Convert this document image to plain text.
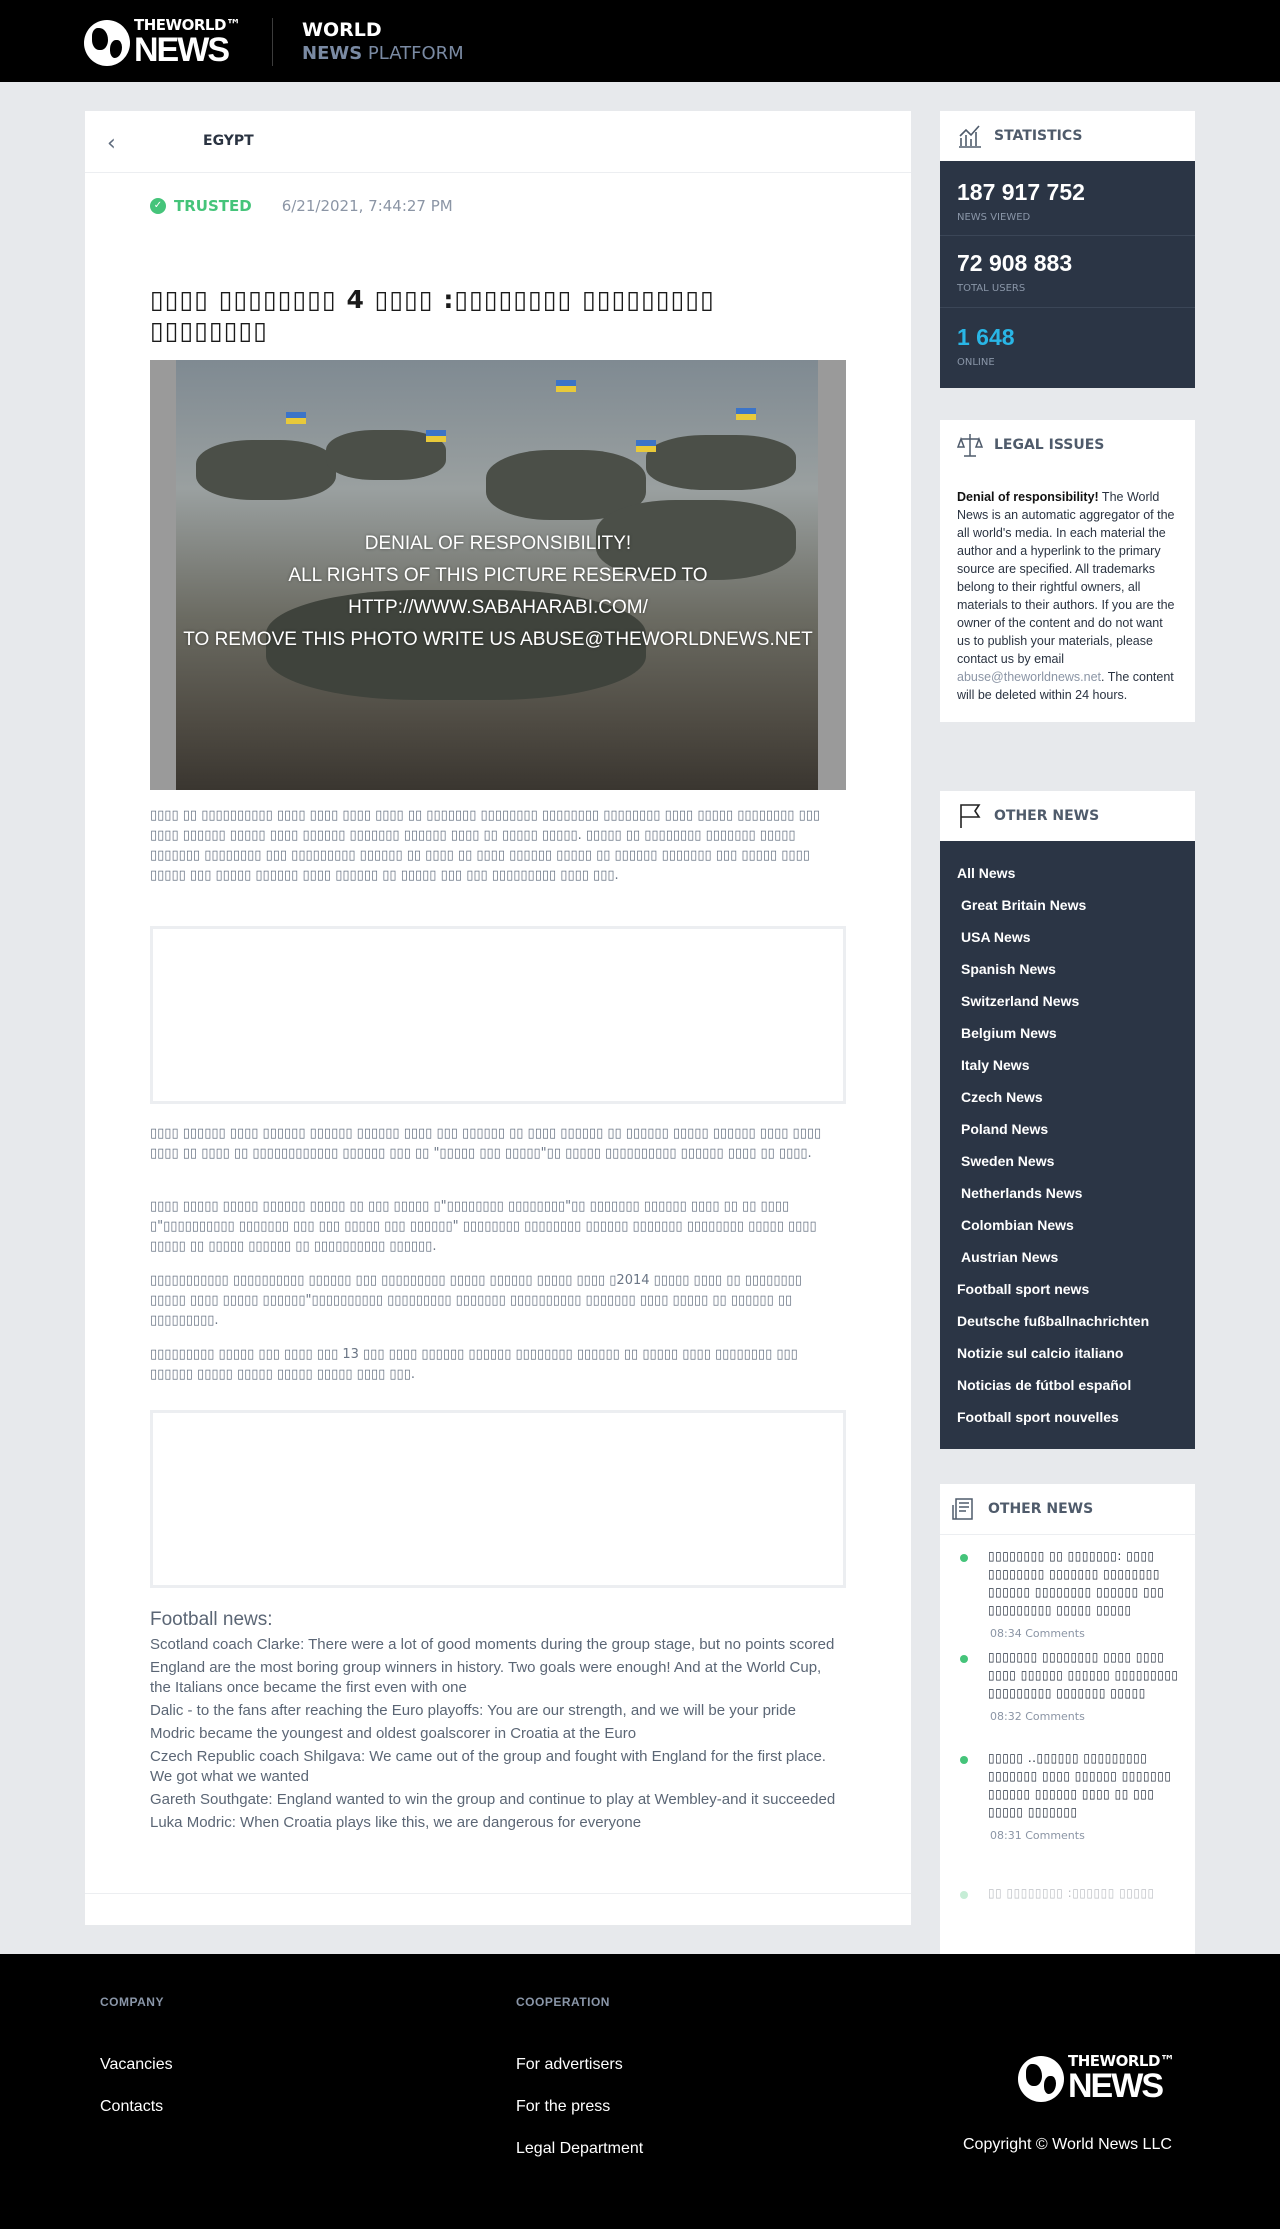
THEWORLD™
NEWS
WORLD
NEWS PLATFORM
‹	EGYPT
✓ TRUSTED 6/21/2021, 7:44:27 PM
▯▯▯▯ ▯▯▯▯▯▯▯▯ 4 ▯▯▯▯ :▯▯▯▯▯▯▯▯ ▯▯▯▯▯▯▯▯▯ ▯▯▯▯▯▯▯▯
DENIAL OF RESPONSIBILITY!
ALL RIGHTS OF THIS PICTURE RESERVED TO HTTP://WWW.SABAHARABI.COM/
TO REMOVE THIS PHOTO WRITE US ABUSE@THEWORLDNEWS.NET

▯▯▯▯ ▯▯ ▯▯▯▯▯▯▯▯▯▯ ▯▯▯▯ ▯▯▯▯ ▯▯▯▯ ▯▯▯▯ ▯▯ ▯▯▯▯▯▯▯ ▯▯▯▯▯▯▯▯ ▯▯▯▯▯▯▯▯ ▯▯▯▯▯▯▯▯ ▯▯▯▯ ▯▯▯▯▯ ▯▯▯▯▯▯▯▯ ▯▯▯ ▯▯▯▯ ▯▯▯▯▯▯ ▯▯▯▯▯ ▯▯▯▯ ▯▯▯▯▯▯ ▯▯▯▯▯▯▯ ▯▯▯▯▯▯ ▯▯▯▯ ▯▯ ▯▯▯▯▯ ▯▯▯▯▯. ▯▯▯▯▯ ▯▯ ▯▯▯▯▯▯▯▯ ▯▯▯▯▯▯▯ ▯▯▯▯▯ ▯▯▯▯▯▯▯ ▯▯▯▯▯▯▯▯ ▯▯▯ ▯▯▯▯▯▯▯▯▯ ▯▯▯▯▯▯ ▯▯ ▯▯▯▯ ▯▯ ▯▯▯▯ ▯▯▯▯▯▯ ▯▯▯▯▯ ▯▯ ▯▯▯▯▯▯ ▯▯▯▯▯▯▯ ▯▯▯ ▯▯▯▯▯ ▯▯▯▯ ▯▯▯▯▯ ▯▯▯ ▯▯▯▯▯ ▯▯▯▯▯▯ ▯▯▯▯ ▯▯▯▯▯▯ ▯▯ ▯▯▯▯▯ ▯▯▯ ▯▯▯ ▯▯▯▯▯▯▯▯▯ ▯▯▯▯ ▯▯▯.

▯▯▯▯ ▯▯▯▯▯▯ ▯▯▯▯ ▯▯▯▯▯▯ ▯▯▯▯▯▯ ▯▯▯▯▯▯ ▯▯▯▯ ▯▯▯ ▯▯▯▯▯▯ ▯▯ ▯▯▯▯ ▯▯▯▯▯▯ ▯▯ ▯▯▯▯▯▯ ▯▯▯▯▯ ▯▯▯▯▯▯ ▯▯▯▯ ▯▯▯▯ ▯▯▯▯ ▯▯ ▯▯▯▯ ▯▯ ▯▯▯▯▯▯▯▯▯▯▯▯ ▯▯▯▯▯▯ ▯▯▯ ▯▯ "▯▯▯▯▯ ▯▯▯ ▯▯▯▯▯"▯▯ ▯▯▯▯▯ ▯▯▯▯▯▯▯▯▯▯ ▯▯▯▯▯▯ ▯▯▯▯ ▯▯ ▯▯▯▯.

▯▯▯▯ ▯▯▯▯▯ ▯▯▯▯▯ ▯▯▯▯▯▯ ▯▯▯▯▯ ▯▯ ▯▯▯ ▯▯▯▯▯ ▯"▯▯▯▯▯▯▯▯ ▯▯▯▯▯▯▯▯"▯▯ ▯▯▯▯▯▯▯ ▯▯▯▯▯▯ ▯▯▯▯ ▯▯ ▯▯ ▯▯▯▯ ▯"▯▯▯▯▯▯▯▯▯▯ ▯▯▯▯▯▯▯ ▯▯▯ ▯▯▯ ▯▯▯▯▯ ▯▯▯ ▯▯▯▯▯▯" ▯▯▯▯▯▯▯▯ ▯▯▯▯▯▯▯▯ ▯▯▯▯▯▯ ▯▯▯▯▯▯▯ ▯▯▯▯▯▯▯▯ ▯▯▯▯▯ ▯▯▯▯ ▯▯▯▯▯ ▯▯ ▯▯▯▯▯ ▯▯▯▯▯▯ ▯▯ ▯▯▯▯▯▯▯▯▯▯ ▯▯▯▯▯▯.

▯▯▯▯▯▯▯▯▯▯▯ ▯▯▯▯▯▯▯▯▯▯ ▯▯▯▯▯▯ ▯▯▯ ▯▯▯▯▯▯▯▯▯ ▯▯▯▯▯ ▯▯▯▯▯▯ ▯▯▯▯▯ ▯▯▯▯ ▯2014 ▯▯▯▯▯ ▯▯▯▯ ▯▯ ▯▯▯▯▯▯▯▯ ▯▯▯▯▯ ▯▯▯▯ ▯▯▯▯▯ ▯▯▯▯▯▯"▯▯▯▯▯▯▯▯▯▯ ▯▯▯▯▯▯▯▯▯ ▯▯▯▯▯▯▯ ▯▯▯▯▯▯▯▯▯▯ ▯▯▯▯▯▯▯ ▯▯▯▯ ▯▯▯▯▯ ▯▯ ▯▯▯▯▯▯ ▯▯ ▯▯▯▯▯▯▯▯▯.

▯▯▯▯▯▯▯▯▯ ▯▯▯▯▯ ▯▯▯ ▯▯▯▯ ▯▯▯ 13 ▯▯▯ ▯▯▯▯ ▯▯▯▯▯▯ ▯▯▯▯▯▯ ▯▯▯▯▯▯▯▯ ▯▯▯▯▯▯ ▯▯ ▯▯▯▯▯ ▯▯▯▯ ▯▯▯▯▯▯▯▯ ▯▯▯ ▯▯▯▯▯▯ ▯▯▯▯▯ ▯▯▯▯▯ ▯▯▯▯▯ ▯▯▯▯▯ ▯▯▯▯ ▯▯▯.

Football news:
Scotland coach Clarke: There were a lot of good moments during the group stage, but no points scored
England are the most boring group winners in history. Two goals were enough! And at the World Cup, the Italians once became the first even with one
Dalic - to the fans after reaching the Euro playoffs: You are our strength, and we will be your pride
Modric became the youngest and oldest goalscorer in Croatia at the Euro
Czech Republic coach Shilgava: We came out of the group and fought with England for the first place. We got what we wanted
Gareth Southgate: England wanted to win the group and continue to play at Wembley-and it succeeded
Luka Modric: When Croatia plays like this, we are dangerous for everyone
STATISTICS
187 917 752
NEWS VIEWED
72 908 883
TOTAL USERS
1 648
ONLINE
LEGAL ISSUES
Denial of responsibility! The World News is an automatic aggregator of the all world's media. In each material the author and a hyperlink to the primary source are specified. All trademarks belong to their rightful owners, all materials to their authors. If you are the owner of the content and do not want us to publish your materials, please contact us by email abuse@theworldnews.net. The content will be deleted within 24 hours.
OTHER NEWS
All News
Great Britain News
USA News
Spanish News
Switzerland News
Belgium News
Italy News
Czech News
Poland News
Sweden News
Netherlands News
Colombian News
Austrian News
Football sport news
Deutsche fußballnachrichten
Notizie sul calcio italiano
Noticias de fútbol español
Football sport nouvelles
OTHER NEWS
▯▯▯▯▯▯▯▯ ▯▯ ▯▯▯▯▯▯▯: ▯▯▯▯ ▯▯▯▯▯▯▯▯ ▯▯▯▯▯▯▯ ▯▯▯▯▯▯▯▯ ▯▯▯▯▯▯ ▯▯▯▯▯▯▯▯ ▯▯▯▯▯▯ ▯▯▯ ▯▯▯▯▯▯▯▯▯ ▯▯▯▯▯ ▯▯▯▯▯
08:34 Comments
▯▯▯▯▯▯▯ ▯▯▯▯▯▯▯▯ ▯▯▯▯ ▯▯▯▯ ▯▯▯▯ ▯▯▯▯▯▯ ▯▯▯▯▯▯ ▯▯▯▯▯▯▯▯▯ ▯▯▯▯▯▯▯▯▯ ▯▯▯▯▯▯▯ ▯▯▯▯▯
08:32 Comments
▯▯▯▯▯ ..▯▯▯▯▯▯ ▯▯▯▯▯▯▯▯▯ ▯▯▯▯▯▯▯ ▯▯▯▯ ▯▯▯▯▯▯ ▯▯▯▯▯▯▯ ▯▯▯▯▯▯ ▯▯▯▯▯▯ ▯▯▯▯ ▯▯ ▯▯▯ ▯▯▯▯▯ ▯▯▯▯▯▯▯
08:31 Comments
▯▯ ▯▯▯▯▯▯▯▯ :▯▯▯▯▯▯ ▯▯▯▯▯
COMPANY
Vacancies
Contacts
COOPERATION
For advertisers
For the press
Legal Department
THEWORLD™
NEWS
Copyright © World News LLC
